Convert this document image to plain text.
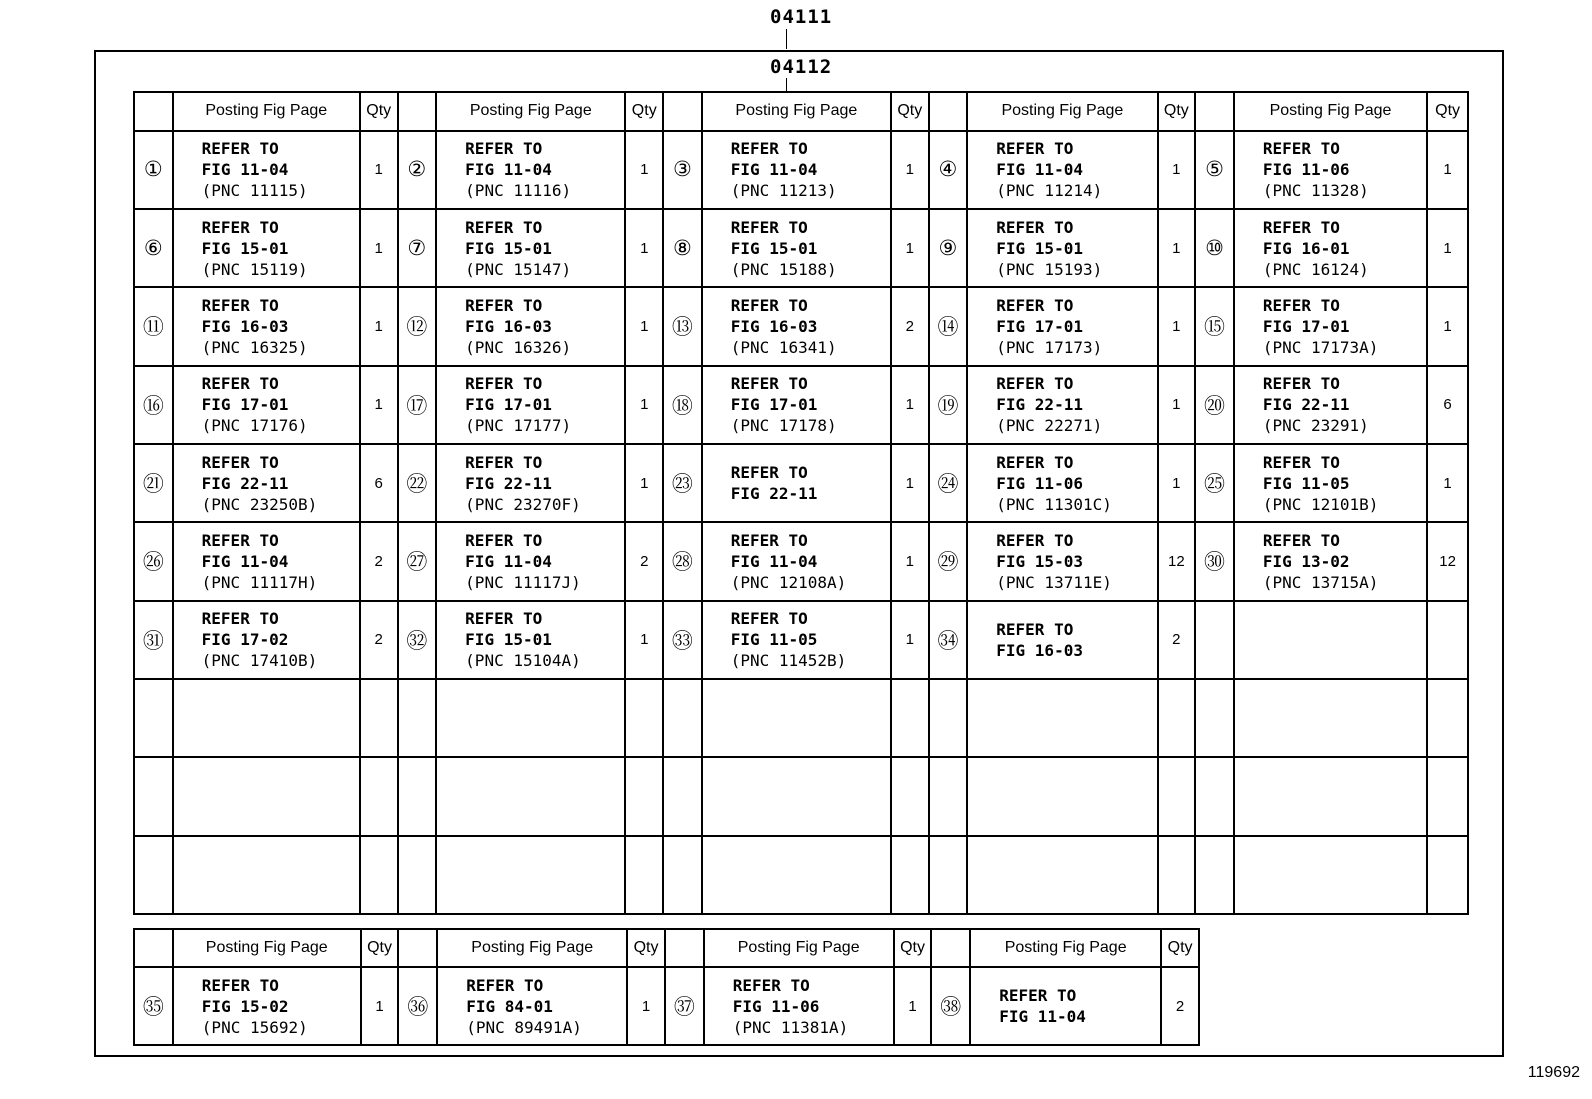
04111
04112
	Posting Fig Page	Qty		Posting Fig Page	Qty		Posting Fig Page	Qty		Posting Fig Page	Qty		Posting Fig Page	Qty
①	REFER TO
FIG 11-04
(PNC 11115)	1	②	REFER TO
FIG 11-04
(PNC 11116)	1	③	REFER TO
FIG 11-04
(PNC 11213)	1	④	REFER TO
FIG 11-04
(PNC 11214)	1	⑤	REFER TO
FIG 11-06
(PNC 11328)	1
⑥	REFER TO
FIG 15-01
(PNC 15119)	1	⑦	REFER TO
FIG 15-01
(PNC 15147)	1	⑧	REFER TO
FIG 15-01
(PNC 15188)	1	⑨	REFER TO
FIG 15-01
(PNC 15193)	1	⑩	REFER TO
FIG 16-01
(PNC 16124)	1
⑪	REFER TO
FIG 16-03
(PNC 16325)	1	⑫	REFER TO
FIG 16-03
(PNC 16326)	1	⑬	REFER TO
FIG 16-03
(PNC 16341)	2	⑭	REFER TO
FIG 17-01
(PNC 17173)	1	⑮	REFER TO
FIG 17-01
(PNC 17173A)	1
⑯	REFER TO
FIG 17-01
(PNC 17176)	1	⑰	REFER TO
FIG 17-01
(PNC 17177)	1	⑱	REFER TO
FIG 17-01
(PNC 17178)	1	⑲	REFER TO
FIG 22-11
(PNC 22271)	1	⑳	REFER TO
FIG 22-11
(PNC 23291)	6
㉑	REFER TO
FIG 22-11
(PNC 23250B)	6	㉒	REFER TO
FIG 22-11
(PNC 23270F)	1	㉓	REFER TO
FIG 22-11	1	㉔	REFER TO
FIG 11-06
(PNC 11301C)	1	㉕	REFER TO
FIG 11-05
(PNC 12101B)	1
㉖	REFER TO
FIG 11-04
(PNC 11117H)	2	㉗	REFER TO
FIG 11-04
(PNC 11117J)	2	㉘	REFER TO
FIG 11-04
(PNC 12108A)	1	㉙	REFER TO
FIG 15-03
(PNC 13711E)	12	㉚	REFER TO
FIG 13-02
(PNC 13715A)	12
㉛	REFER TO
FIG 17-02
(PNC 17410B)	2	㉜	REFER TO
FIG 15-01
(PNC 15104A)	1	㉝	REFER TO
FIG 11-05
(PNC 11452B)	1	㉞	REFER TO
FIG 16-03	2		

	Posting Fig Page	Qty		Posting Fig Page	Qty		Posting Fig Page	Qty		Posting Fig Page	Qty
㉟	REFER TO
FIG 15-02
(PNC 15692)	1	㊱	REFER TO
FIG 84-01
(PNC 89491A)	1	㊲	REFER TO
FIG 11-06
(PNC 11381A)	1	㊳	REFER TO
FIG 11-04	2
119692
